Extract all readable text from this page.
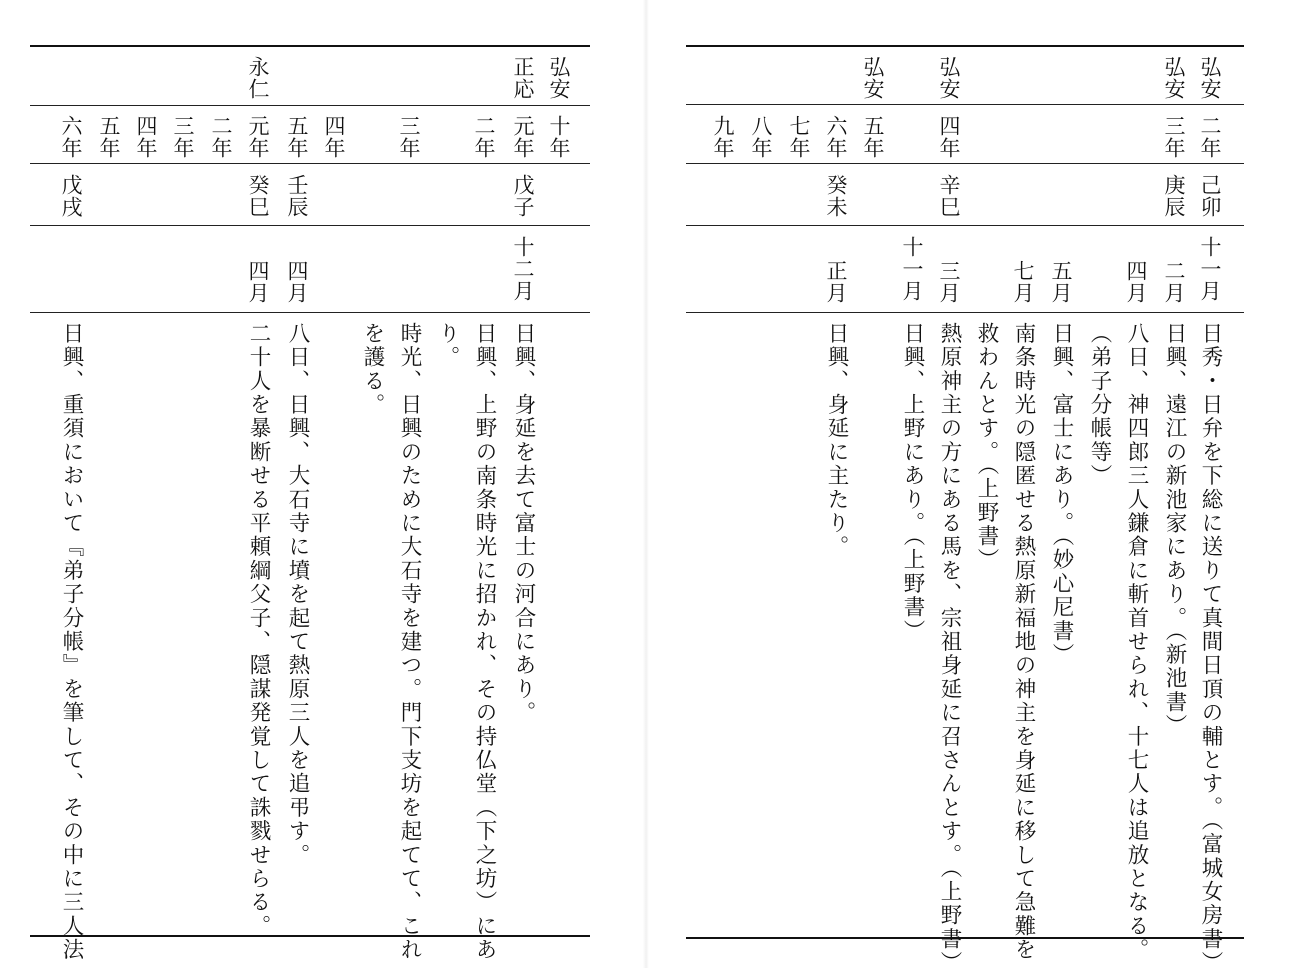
弘安
正応
永仁
十年
元年
二年
三年
四年
五年
元年
二年
三年
四年
五年
六年
戊子
壬辰
癸巳
戊戌
十二月
四月
四月
日興、身延を去て富士の河合にあり。
日興、上野の南条時光に招かれ、その持仏堂（下之坊）にあ
り。
時光、日興のために大石寺を建つ。門下支坊を起てて、これ
を護る。
八日、日興、大石寺に墳を起て熱原三人を追弔す。
二十人を暴断せる平頼綱父子、隠謀発覚して誅戮せらる。
日興、重須において『弟子分帳』を筆して、その中に三人法
弘安
弘安
弘安
弘安
二年
三年
四年
五年
六年
七年
八年
九年
己卯
庚辰
辛巳
癸未
十一月
二月
四月
五月
七月
三月
十一月
正月
日秀・日弁を下総に送りて真間日頂の輔とす。（富城女房書）
日興、遠江の新池家にあり。（新池書）
八日、神四郎三人鎌倉に斬首せられ、十七人は追放となる。
（弟子分帳等）
日興、富士にあり。（妙心尼書）
南条時光の隠匿せる熱原新福地の神主を身延に移して急難を
救わんとす。（上野書）
熱原神主の方にある馬を、宗祖身延に召さんとす。（上野書）
日興、上野にあり。（上野書）
日興、身延に主たり。
